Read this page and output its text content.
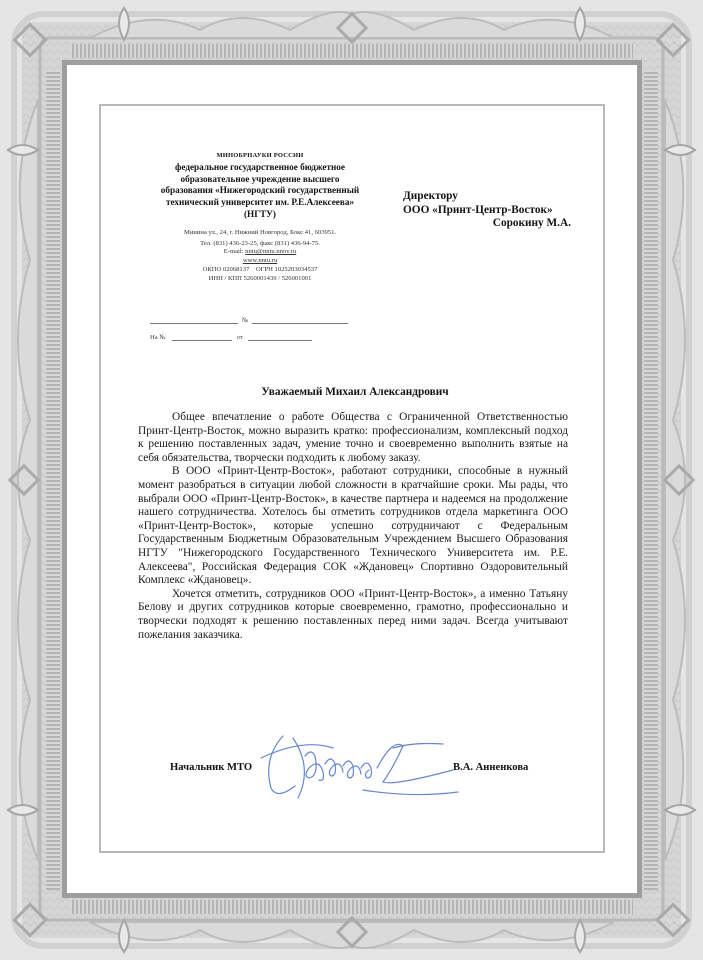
МИНОБРНАУКИ РОССИИ
федеральное государственное бюджетное
образовательное учреждение высшего
образования «Нижегородский государственный
технический университет им. Р.Е.Алексеева»
(НГТУ)
Минина ул., 24, г. Нижний Новгород, Бокс 41, 603951.
Тел. (831) 436-23-25, факс (831) 436-94-75.
E-mail: nntu@nntu.nnov.ru
www.nntu.ru
ОКПО 02068137    ОГРН 1025203034537
ИНН / КПП 5260001439 / 526001001
№
На №	от
Директору
ООО «Принт-Центр-Восток»
Сорокину М.А.
Уважаемый Михаил Александрович

Общее впечатление о работе Общества с Ограниченной Ответственностью Принт-Центр-Восток, можно выразить кратко: профессионализм, комплексный подход к решению поставленных задач, умение точно и своевременно выполнить взятые на себя обязательства, творчески подходить к любому заказу.

В ООО «Принт-Центр-Восток», работают сотрудники, способные в нужный момент разобраться в ситуации любой сложности в кратчайшие сроки. Мы рады, что выбрали ООО «Принт-Центр-Восток», в качестве партнера и надеемся на продолжение нашего сотрудничества. Хотелось бы отметить сотрудников отдела маркетинга ООО «Принт-Центр-Восток», которые успешно сотрудничают с Федеральным Государственным Бюджетным Образовательным Учреждением Высшего Образования НГТУ "Нижегородского Государственного Технического Университета им. Р.Е. Алексеева", Российская Федерация СОК «Ждановец» Спортивно Оздоровительный Комплекс «Ждановец».

Хочется отметить, сотрудников ООО «Принт-Центр-Восток», а именно Татьяну Белову и других сотрудников которые своевременно, грамотно, профессионально и творчески подходят к решению поставленных перед ними задач. Всегда учитывают пожелания заказчика.

Начальник МТО	В.А. Анненкова
